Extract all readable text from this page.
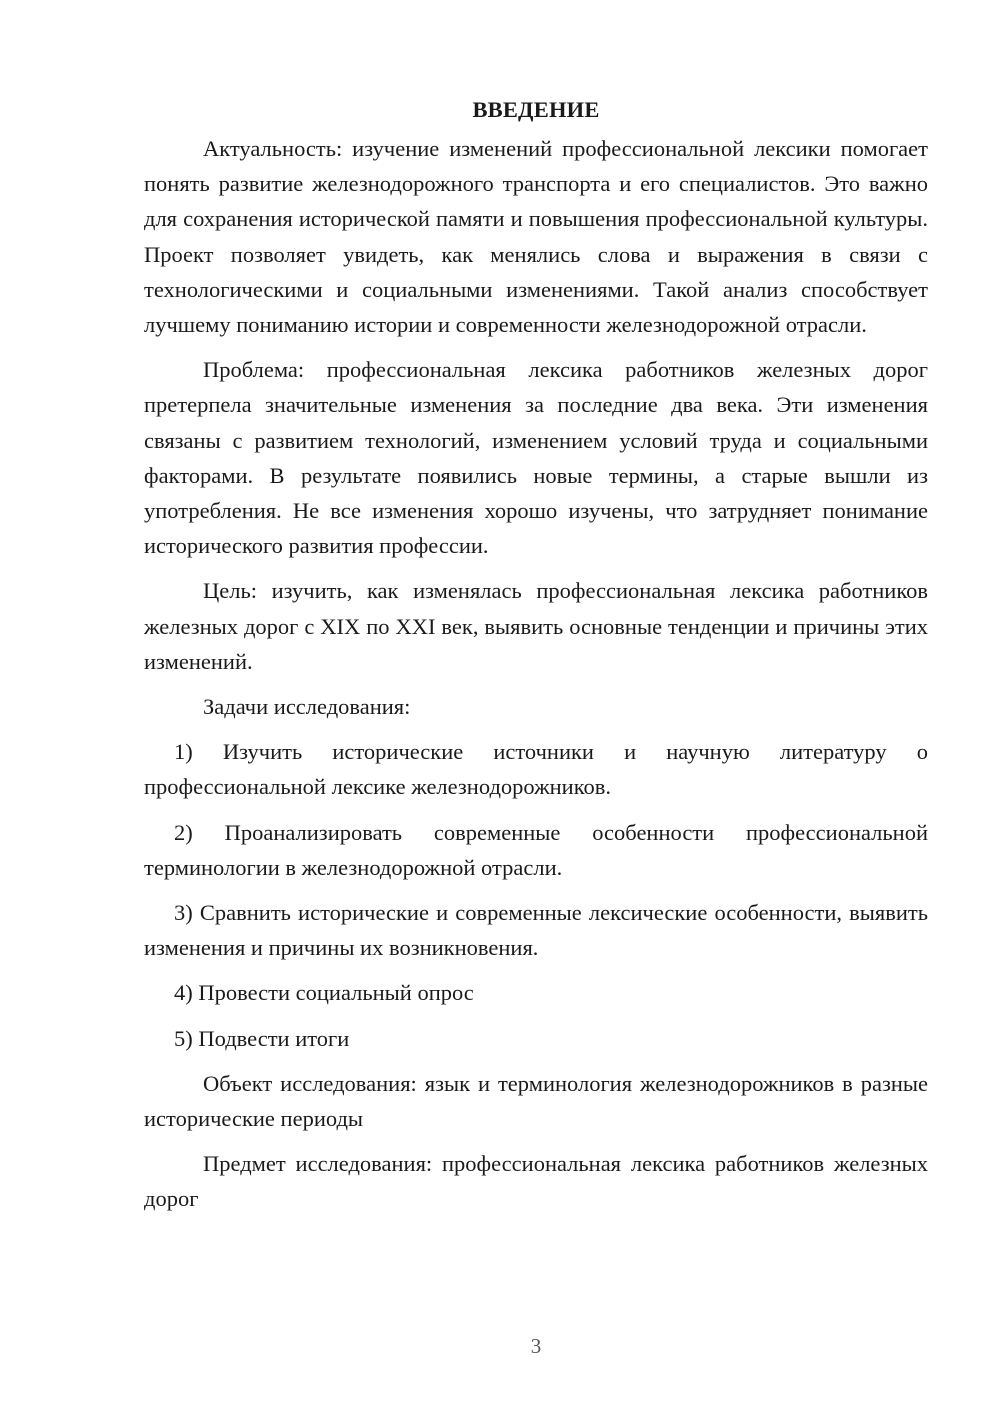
ВВЕДЕНИЕ

Актуальность: изучение изменений профессиональной лексики помогает понять развитие железнодорожного транспорта и его специалистов. Это важно для сохранения исторической памяти и повышения профессиональной культуры. Проект позволяет увидеть, как менялись слова и выражения в связи с технологическими и социальными изменениями. Такой анализ способствует лучшему пониманию истории и современности железнодорожной отрасли.

Проблема: профессиональная лексика работников железных дорог претерпела значительные изменения за последние два века. Эти изменения связаны с развитием технологий, изменением условий труда и социальными факторами. В результате появились новые термины, а старые вышли из употребления. Не все изменения хорошо изучены, что затрудняет понимание исторического развития профессии.

Цель: изучить, как изменялась профессиональная лексика работников железных дорог с XIX по XXI век, выявить основные тенденции и причины этих изменений.

Задачи исследования:

1) Изучить исторические источники и научную литературу о профессиональной лексике железнодорожников.

2) Проанализировать современные особенности профессиональной терминологии в железнодорожной отрасли.

3) Сравнить исторические и современные лексические особенности, выявить изменения и причины их возникновения.

4) Провести социальный опрос

5) Подвести итоги

Объект исследования: язык и терминология железнодорожников в разные исторические периоды

Предмет исследования: профессиональная лексика работников железных дорог

3
